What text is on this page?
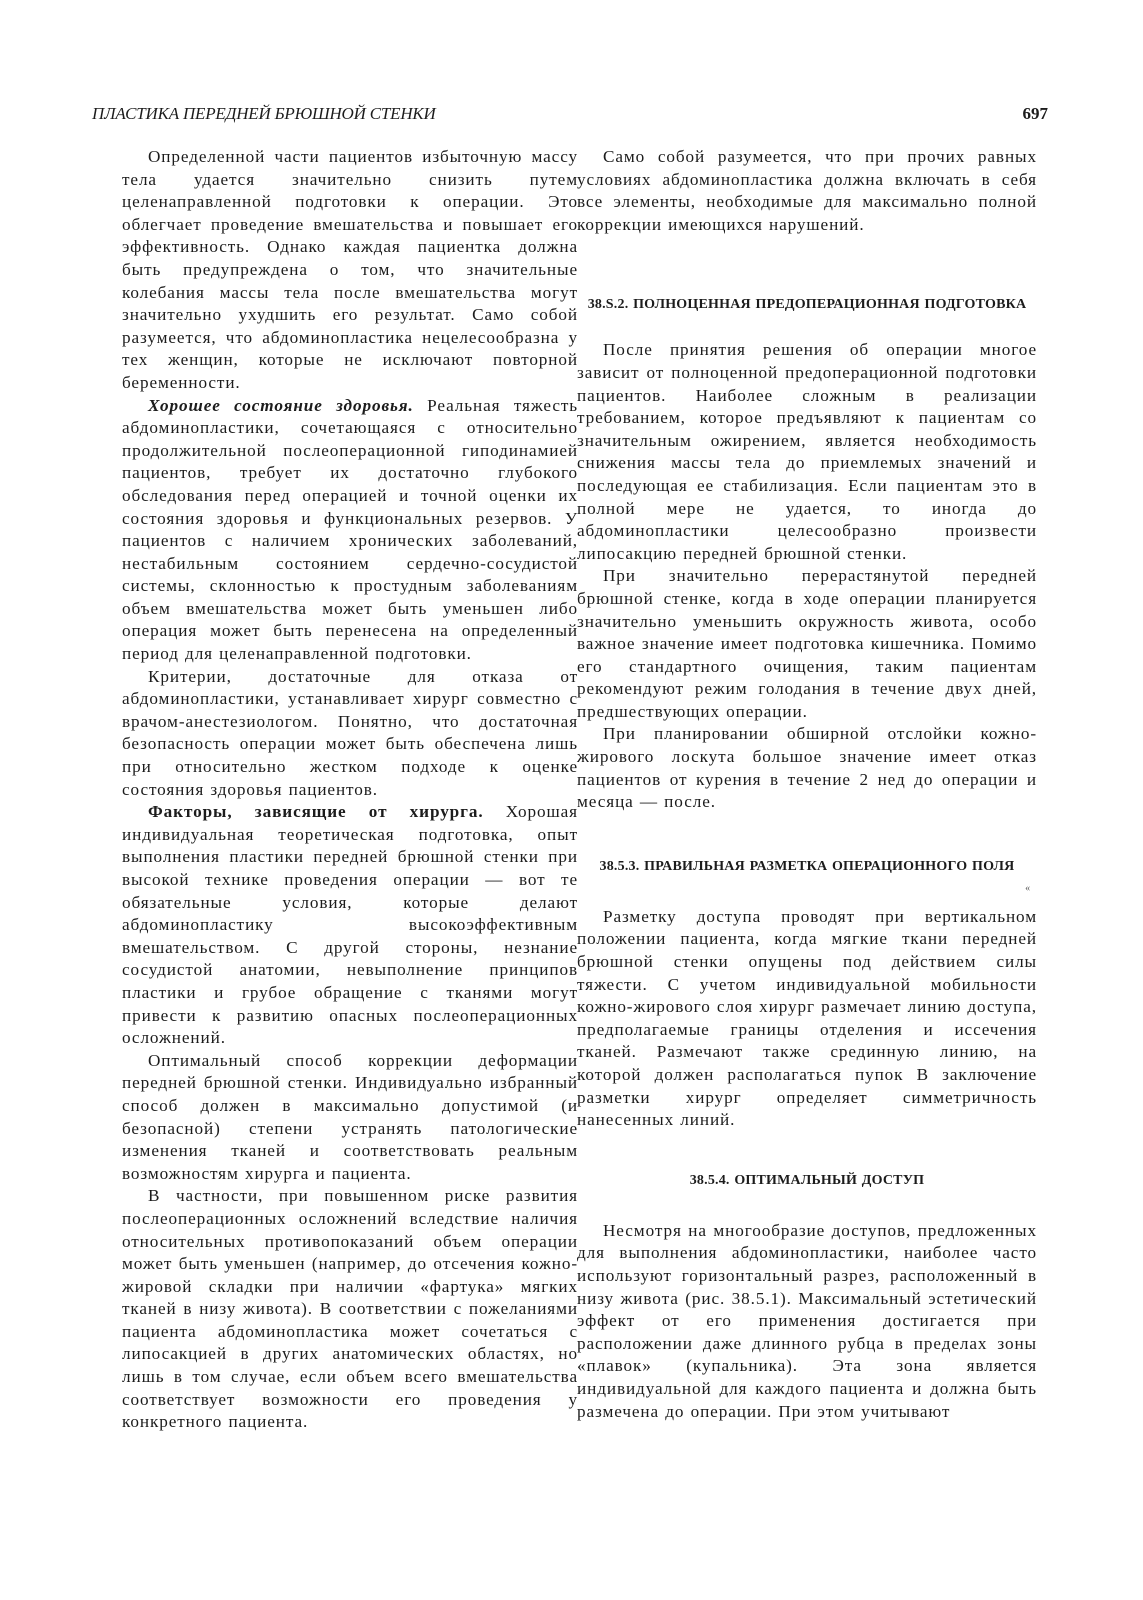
ПЛАСТИКА ПЕРЕДНЕЙ БРЮШНОЙ СТЕНКИ	697

Определенной части пациентов избыточную массу тела удается значительно снизить путем целенаправленной подготовки к операции. Это облегчает проведение вмешательства и повышает его эффективность. Однако каждая пациентка должна быть предупреждена о том, что значительные колебания массы тела после вмешательства могут значительно ухудшить его результат. Само собой разумеется, что абдоминопластика нецелесообразна у тех женщин, которые не исключают повторной беременности.

Хорошее состояние здоровья. Реальная тяжесть абдоминопластики, сочетающаяся с относительно продолжительной послеоперационной гиподинамией пациентов, требует их достаточно глубокого обследования перед операцией и точной оценки их состояния здоровья и функциональных резервов. У пациентов с наличием хронических заболеваний, нестабильным состоянием сердечно-сосудистой системы, склонностью к простудным заболеваниям объем вмешательства может быть уменьшен либо операция может быть перенесена на определенный период для целенаправленной подготовки.

Критерии, достаточные для отказа от абдоминопластики, устанавливает хирург совместно с врачом-анестезиологом. Понятно, что достаточная безопасность операции может быть обеспечена лишь при относительно жестком подходе к оценке состояния здоровья пациентов.

Факторы, зависящие от хирурга. Хорошая индивидуальная теоретическая подготовка, опыт выполнения пластики передней брюшной стенки при высокой технике проведения операции — вот те обязательные условия, которые делают абдоминопластику высокоэффективным вмешательством. С другой стороны, незнание сосудистой анатомии, невыполнение принципов пластики и грубое обращение с тканями могут привести к развитию опасных послеоперационных осложнений.

Оптимальный способ коррекции деформации передней брюшной стенки. Индивидуально избранный способ должен в максимально допустимой (и безопасной) степени устранять патологические изменения тканей и соответствовать реальным возможностям хирурга и пациента.

В частности, при повышенном риске развития послеоперационных осложнений вследствие наличия относительных противопоказаний объем операции может быть уменьшен (например, до отсечения кожно-жировой складки при наличии «фартука» мягких тканей в низу живота). В соответствии с пожеланиями пациента абдоминопластика может сочетаться с липосакцией в других анатомических областях, но лишь в том случае, если объем всего вмешательства соответствует возможности его проведения у конкретного пациента.

Само собой разумеется, что при прочих равных условиях абдоминопластика должна включать в себя все элементы, необходимые для максимально полной коррекции имеющихся нарушений.

38.S.2. ПОЛНОЦЕННАЯ ПРЕДОПЕРАЦИОННАЯ ПОДГОТОВКА

После принятия решения об операции многое зависит от полноценной предоперационной подготовки пациентов. Наиболее сложным в реализации требованием, которое предъявляют к пациентам со значительным ожирением, является необходимость снижения массы тела до приемлемых значений и последующая ее стабилизация. Если пациентам это в полной мере не удается, то иногда до абдоминопластики целесообразно произвести липосакцию передней брюшной стенки.

При значительно перерастянутой передней брюшной стенке, когда в ходе операции планируется значительно уменьшить окружность живота, особо важное значение имеет подготовка кишечника. Помимо его стандартного очищения, таким пациентам рекомендуют режим голодания в течение двух дней, предшествующих операции.

При планировании обширной отслойки кожно-жирового лоскута большое значение имеет отказ пациентов от курения в течение 2 нед до операции и месяца — после.

38.5.3. ПРАВИЛЬНАЯ РАЗМЕТКА ОПЕРАЦИОННОГО ПОЛЯ
«

Разметку доступа проводят при вертикальном положении пациента, когда мягкие ткани передней брюшной стенки опущены под действием силы тяжести. С учетом индивидуальной мобильности кожно-жирового слоя хирург размечает линию доступа, предполагаемые границы отделения и иссечения тканей. Размечают также срединную линию, на которой должен располагаться пупок В заключение разметки хирург определяет симметричность нанесенных линий.

38.5.4. ОПТИМАЛЬНЫЙ ДОСТУП

Несмотря на многообразие доступов, предложенных для выполнения абдоминопластики, наиболее часто используют горизонтальный разрез, расположенный в низу живота (рис. 38.5.1). Максимальный эстетический эффект от его применения достигается при расположении даже длинного рубца в пределах зоны «плавок» (купальника). Эта зона является индивидуальной для каждого пациента и должна быть размечена до операции. При этом учитывают
